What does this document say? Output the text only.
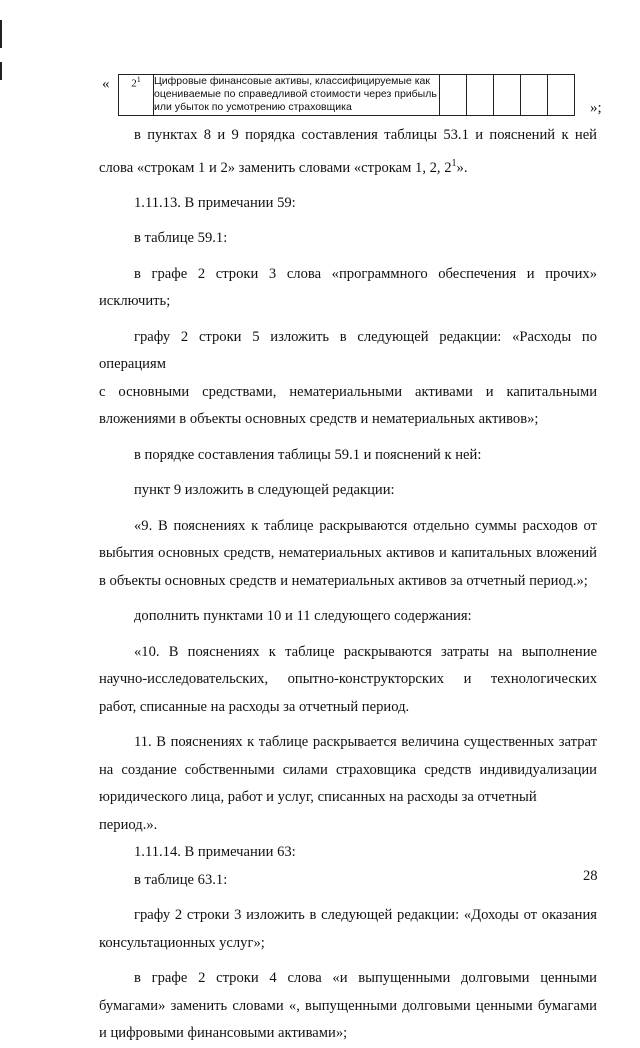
« $2^1$	Цифровые финансовые активы, классифицируемые как оцениваемые по справедливой стоимости через прибыль или убыток по усмотрению страховщика						»;

в пунктах 8 и 9 порядка составления таблицы 53.1 и пояснений к ней

слова «строкам 1 и 2» заменить словами «строкам 1, 2, $2^1$».

1.11.13. В примечании 59:

в таблице 59.1:

в графе 2 строки 3 слова «программного обеспечения и прочих»

исключить;

графу 2 строки 5 изложить в следующей редакции: «Расходы по операциям

с основными средствами, нематериальными активами и капитальными

вложениями в объекты основных средств и нематериальных активов»;

в порядке составления таблицы 59.1 и пояснений к ней:

пункт 9 изложить в следующей редакции:

«9. В пояснениях к таблице раскрываются отдельно суммы расходов от

выбытия основных средств, нематериальных активов и капитальных вложений

в объекты основных средств и нематериальных активов за отчетный период.»;

дополнить пунктами 10 и 11 следующего содержания:

«10. В пояснениях к таблице раскрываются затраты на выполнение

научно-исследовательских, опытно-конструкторских и технологических

работ, списанные на расходы за отчетный период.

11. В пояснениях к таблице раскрывается величина существенных затрат

на создание собственными силами страховщика средств индивидуализации

юридического лица, работ и услуг, списанных на расходы за отчетный период.».

1.11.14. В примечании 63:

в таблице 63.1:

графу 2 строки 3 изложить в следующей редакции: «Доходы от оказания

консультационных услуг»;

в графе 2 строки 4 слова «и выпущенными долговыми ценными

бумагами» заменить словами «, выпущенными долговыми ценными бумагами

и цифровыми финансовыми активами»;

28
